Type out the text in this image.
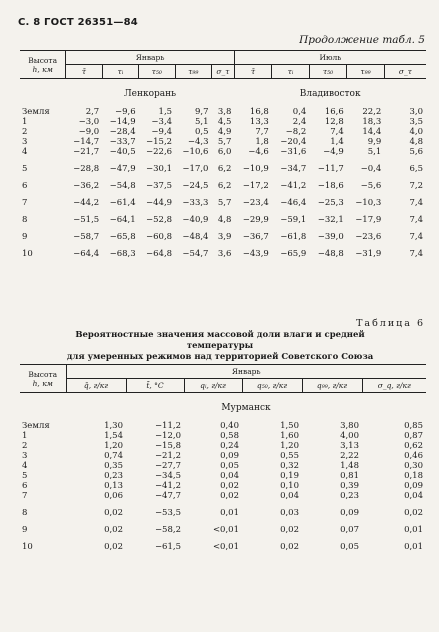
С. 8 ГОСТ 26351—84
Продолжение табл. 5
Высота
h, км	Январь					Июль				
	τ̄	τᵢ	τ₅₀	τ₉₉	σ_τ	τ̄	τᵢ	τ₅₀	τ₉₉	σ_τ
	Ленкорань					Владивосток				
Земля	2,7	−9,6	1,5	9,7	3,8	16,8	0,4	16,6	22,2	3,0
1	−3,0	−14,9	−3,4	5,1	4,5	13,3	2,4	12,8	18,3	3,5
2	−9,0	−28,4	−9,4	0,5	4,9	7,7	−8,2	7,4	14,4	4,0
3	−14,7	−33,7	−15,2	−4,3	5,7	1,8	−20,4	1,4	9,9	4,8
4	−21,7	−40,5	−22,6	−10,6	6,0	−4,6	−31,6	−4,9	5,1	5,6

5	−28,8	−47,9	−30,1	−17,0	6,2	−10,9	−34,7	−11,7	−0,4	6,5

6	−36,2	−54,8	−37,5	−24,5	6,2	−17,2	−41,2	−18,6	−5,6	7,2

7	−44,2	−61,4	−44,9	−33,3	5,7	−23,4	−46,4	−25,3	−10,3	7,4

8	−51,5	−64,1	−52,8	−40,9	4,8	−29,9	−59,1	−32,1	−17,9	7,4

9	−58,7	−65,8	−60,8	−48,4	3,9	−36,7	−61,8	−39,0	−23,6	7,4

10	−64,4	−68,3	−64,8	−54,7	3,6	−43,9	−65,9	−48,8	−31,9	7,4
Таблица 6
Вероятностные значения массовой доли влаги и средней температуры
для умеренных режимов над территорией Советского Союза
Высота
h, км	Январь					
	q̄, г/кг	t̄, °C	qᵢ, г/кг	q₅₀, г/кг	q₉₉, г/кг	σ_q, г/кг
	Мурманск					
Земля	1,30	−11,2	0,40	1,50	3,80	0,85
1	1,54	−12,0	0,58	1,60	4,00	0,87
2	1,20	−15,8	0,24	1,20	3,13	0,62
3	0,74	−21,2	0,09	0,55	2,22	0,46
4	0,35	−27,7	0,05	0,32	1,48	0,30
5	0,23	−34,5	0,04	0,19	0,81	0,18
6	0,13	−41,2	0,02	0,10	0,39	0,09
7	0,06	−47,7	0,02	0,04	0,23	0,04

8	0,02	−53,5	0,01	0,03	0,09	0,02

9	0,02	−58,2	<0,01	0,02	0,07	0,01

10	0,02	−61,5	<0,01	0,02	0,05	0,01
